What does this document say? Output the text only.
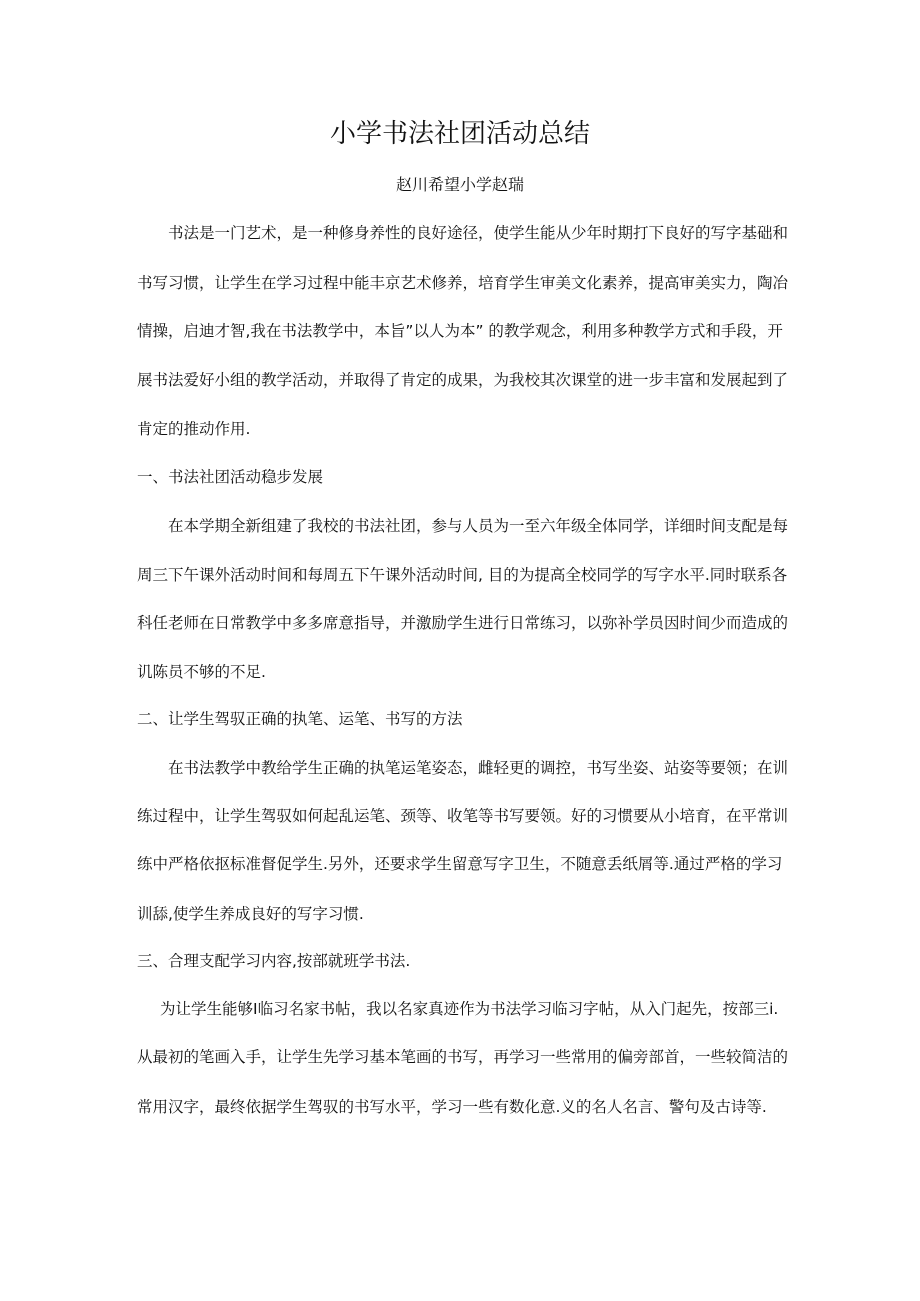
小学书法社团活动总结
赵川希望小学赵瑞
书法是一门艺术，是一种修身养性的良好途径，使学生能从少年时期打下良好的写字基础和
书写习惯，让学生在学习过程中能丰京艺术修养，培育学生审美文化素养，提高审美实力，陶冶
情操，启迪才智,我在书法教学中，本旨”以人为本” 的教学观念，利用多种教学方式和手段，开
展书法爱好小组的教学活动，并取得了肯定的成果，为我校其次课堂的进一步丰富和发展起到了
肯定的推动作用.
一、书法社团活动稳步发展
在本学期全新组建了我校的书法社团，参与人员为一至六年级全体同学，详细时间支配是每
周三下午课外活动时间和每周五下午课外活动时间, 目的为提高全校同学的写字水平.同时联系各
科任老师在日常教学中多多席意指导，并激励学生进行日常练习，以弥补学员因时间少而造成的
讥陈员不够的不足.
二、让学生驾驭正确的执笔、运笔、书写的方法
在书法教学中教给学生正确的执笔运笔姿态，雌轻更的调控，书写坐姿、站姿等要领；在训
练过程中，让学生驾驭如何起乱运笔、颈等、收笔等书写要领。好的习惯要从小培育，在平常训
练中严格依抠标准督促学生.另外，还要求学生留意写字卫生，不随意丢纸屑等.通过严格的学习
训舔,使学生养成良好的写字习惯.
三、合理支配学习内容,按部就班学书法.
为让学生能够Ⅰ临习名家书帖，我以名家真迹作为书法学习临习字帖，从入门起先，按部三i.
从最初的笔画入手，让学生先学习基本笔画的书写，再学习一些常用的偏旁部首，一些较简洁的
常用汉字，最终依据学生驾驭的书写水平，学习一些有数化意.义的名人名言、警句及古诗等.
